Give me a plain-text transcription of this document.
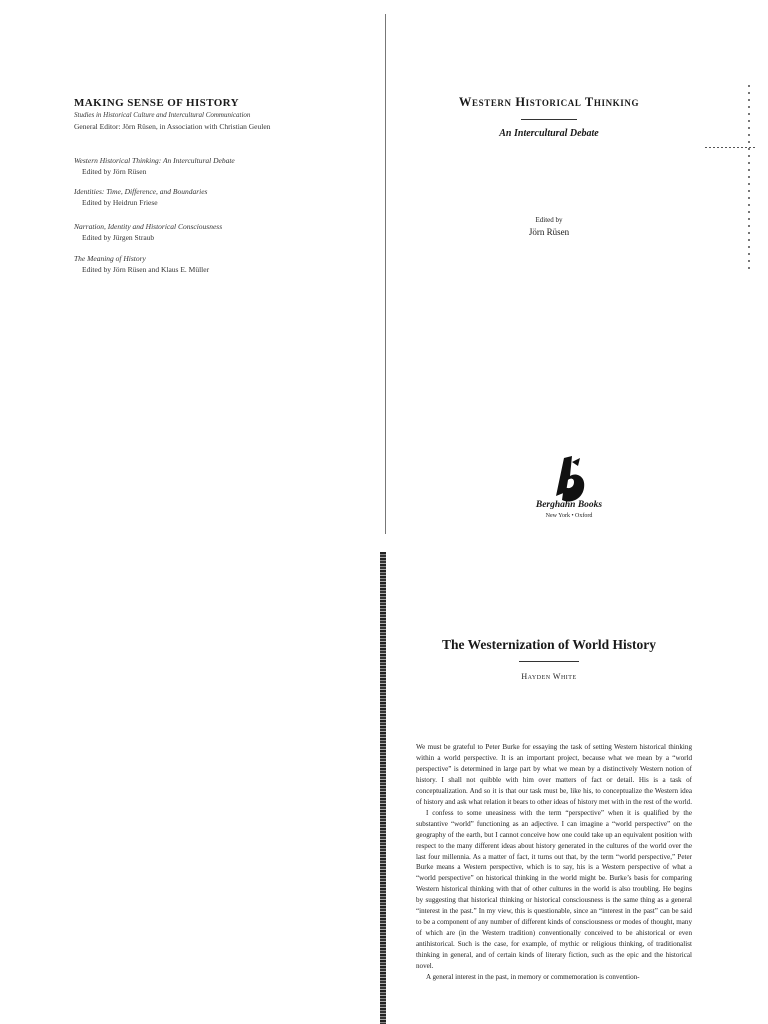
MAKING SENSE OF HISTORY
Studies in Historical Culture and Intercultural Communication
General Editor: Jörn Rüsen, in Association with Christian Geulen
Western Historical Thinking: An Intercultural Debate
Edited by Jörn Rüsen
Identities: Time, Difference, and Boundaries
Edited by Heidrun Friese
Narration, Identity and Historical Consciousness
Edited by Jürgen Straub
The Meaning of History
Edited by Jörn Rüsen and Klaus E. Müller
Western Historical Thinking
An Intercultural Debate
Edited by
Jörn Rüsen
Berghahn Books
New York • Oxford
The Westernization of World History
Hayden White

We must be grateful to Peter Burke for essaying the task of setting Western historical thinking within a world perspective. It is an important project, because what we mean by a “world perspective” is determined in large part by what we mean by a distinctively Western notion of history. I shall not quibble with him over matters of fact or detail. His is a task of conceptualization. And so it is that our task must be, like his, to conceptualize the Western idea of history and ask what relation it bears to other ideas of history met with in the rest of the world.

I confess to some uneasiness with the term “perspective” when it is qualified by the substantive “world” functioning as an adjective. I can imagine a “world perspective” on the geography of the earth, but I cannot conceive how one could take up an equivalent position with respect to the many different ideas about history generated in the cultures of the world over the last four millennia. As a matter of fact, it turns out that, by the term “world perspective,” Peter Burke means a Western perspective, which is to say, his is a Western perspective of what a “world perspective” on historical thinking in the world might be. Burke’s basis for comparing Western historical thinking with that of other cultures in the world is also troubling. He begins by suggesting that historical thinking or historical consciousness is the same thing as a general “interest in the past.” In my view, this is questionable, since an “interest in the past” can be said to be a component of any number of different kinds of consciousness or modes of thought, many of which are (in the Western tradition) conventionally conceived to be ahistorical or even antihistorical. Such is the case, for example, of mythic or religious thinking, of traditionalist thinking in general, and of certain kinds of literary fiction, such as the epic and the historical novel.

A general interest in the past, in memory or commemoration is convention-
